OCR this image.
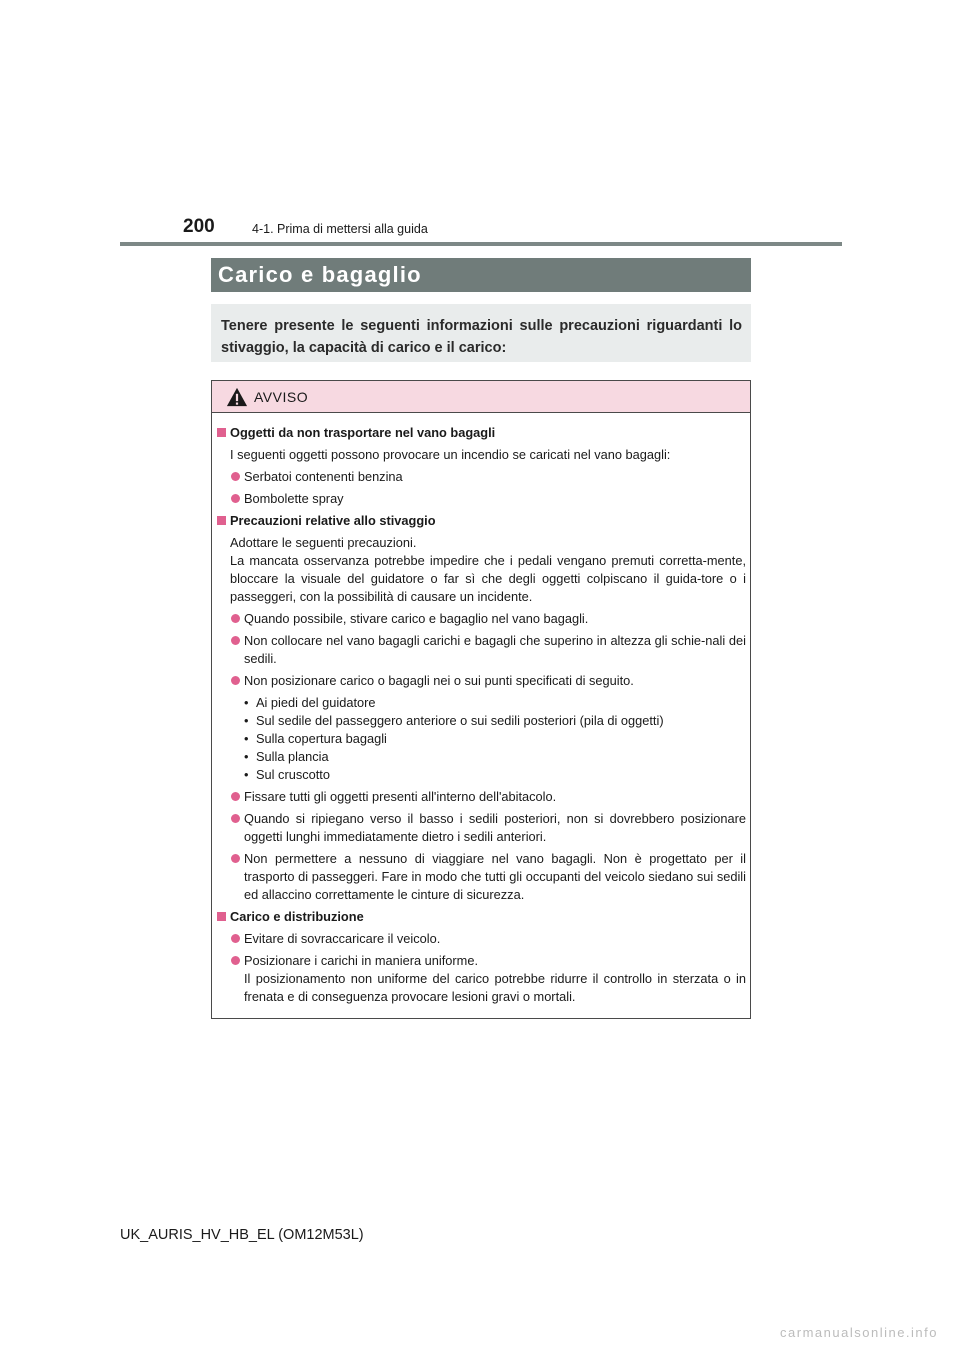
200	4-1. Prima di mettersi alla guida
Carico e bagaglio
Tenere presente le seguenti informazioni sulle precauzioni riguardanti lo stivaggio, la capacità di carico e il carico:
AVVISO
Oggetti da non trasportare nel vano bagagli
I seguenti oggetti possono provocare un incendio se caricati nel vano bagagli:
Serbatoi contenenti benzina
Bombolette spray
Precauzioni relative allo stivaggio
Adottare le seguenti precauzioni.
La mancata osservanza potrebbe impedire che i pedali vengano premuti corretta-mente, bloccare la visuale del guidatore o far sì che degli oggetti colpiscano il guida-tore o i passeggeri, con la possibilità di causare un incidente.
Quando possibile, stivare carico e bagaglio nel vano bagagli.
Non collocare nel vano bagagli carichi e bagagli che superino in altezza gli schie-nali dei sedili.
Non posizionare carico o bagagli nei o sui punti specificati di seguito.
• Ai piedi del guidatore
• Sul sedile del passeggero anteriore o sui sedili posteriori (pila di oggetti)
• Sulla copertura bagagli
• Sulla plancia
• Sul cruscotto
Fissare tutti gli oggetti presenti all'interno dell'abitacolo.
Quando si ripiegano verso il basso i sedili posteriori, non si dovrebbero posizionare oggetti lunghi immediatamente dietro i sedili anteriori.
Non permettere a nessuno di viaggiare nel vano bagagli. Non è progettato per il trasporto di passeggeri. Fare in modo che tutti gli occupanti del veicolo siedano sui sedili ed allaccino correttamente le cinture di sicurezza.
Carico e distribuzione
Evitare di sovraccaricare il veicolo.
Posizionare i carichi in maniera uniforme.
Il posizionamento non uniforme del carico potrebbe ridurre il controllo in sterzata o in frenata e di conseguenza provocare lesioni gravi o mortali.
UK_AURIS_HV_HB_EL (OM12M53L)
carmanualsonline.info
